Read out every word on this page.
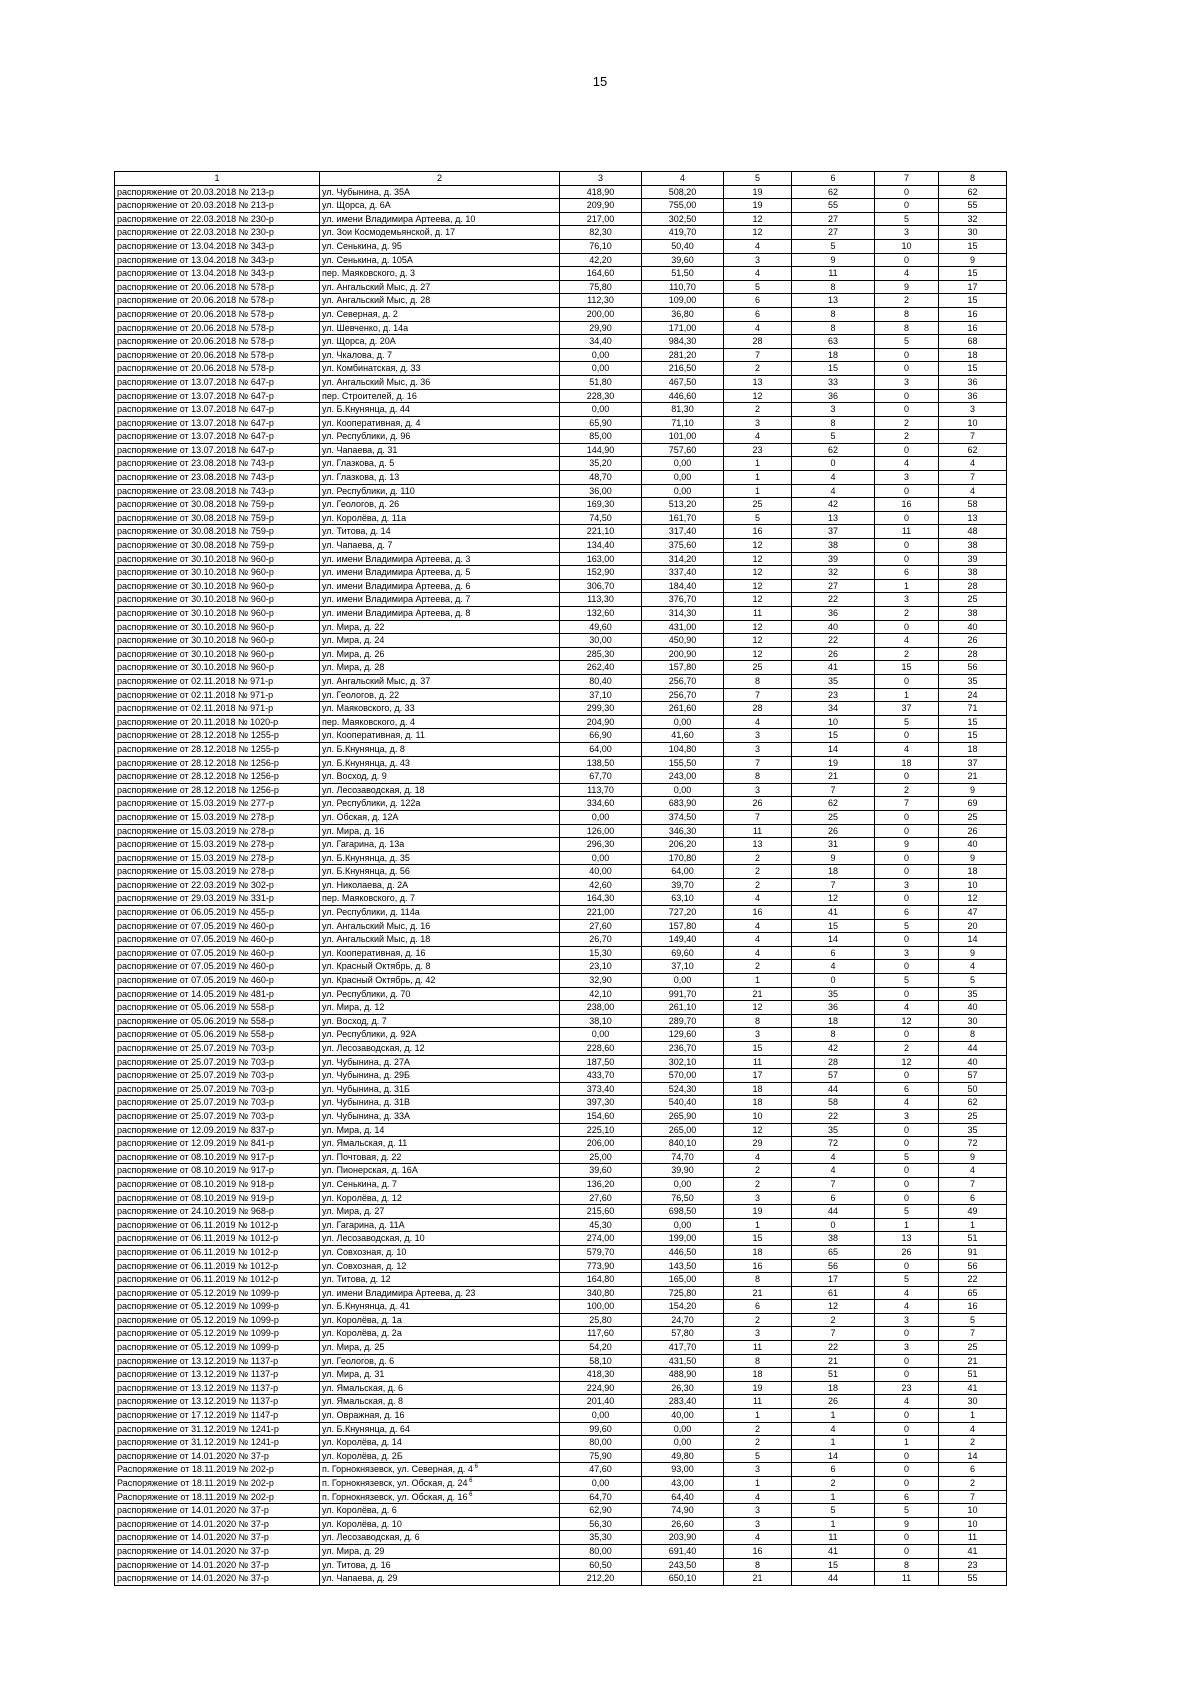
15
1	2	3	4	5	6	7	8
распоряжение от 20.03.2018 № 213-р	ул. Чубынина, д. 35А	418,90	508,20	19	62	0	62
распоряжение от 20.03.2018 № 213-р	ул. Щорса, д. 6А	209,90	755,00	19	55	0	55
распоряжение от 22.03.2018 № 230-р	ул. имени Владимира Артеева, д. 10	217,00	302,50	12	27	5	32
распоряжение от 22.03.2018 № 230-р	ул. Зои Космодемьянской, д. 17	82,30	419,70	12	27	3	30
распоряжение от 13.04.2018 № 343-р	ул. Сенькина, д. 95	76,10	50,40	4	5	10	15
распоряжение от 13.04.2018 № 343-р	ул. Сенькина, д. 105А	42,20	39,60	3	9	0	9
распоряжение от 13.04.2018 № 343-р	пер. Маяковского, д. 3	164,60	51,50	4	11	4	15
распоряжение от 20.06.2018 № 578-р	ул. Ангальский Мыс, д. 27	75,80	110,70	5	8	9	17
распоряжение от 20.06.2018 № 578-р	ул. Ангальский Мыс, д. 28	112,30	109,00	6	13	2	15
распоряжение от 20.06.2018 № 578-р	ул. Северная, д. 2	200,00	36,80	6	8	8	16
распоряжение от 20.06.2018 № 578-р	ул. Шевченко, д. 14а	29,90	171,00	4	8	8	16
распоряжение от 20.06.2018 № 578-р	ул. Щорса, д. 20А	34,40	984,30	28	63	5	68
распоряжение от 20.06.2018 № 578-р	ул. Чкалова, д. 7	0,00	281,20	7	18	0	18
распоряжение от 20.06.2018 № 578-р	ул. Комбинатская, д. 33	0,00	216,50	2	15	0	15
распоряжение от 13.07.2018 № 647-р	ул. Ангальский Мыс, д. 36	51,80	467,50	13	33	3	36
распоряжение от 13.07.2018 № 647-р	пер. Строителей, д. 16	228,30	446,60	12	36	0	36
распоряжение от 13.07.2018 № 647-р	ул. Б.Кнунянца, д. 44	0,00	81,30	2	3	0	3
распоряжение от 13.07.2018 № 647-р	ул. Кооперативная, д. 4	65,90	71,10	3	8	2	10
распоряжение от 13.07.2018 № 647-р	ул. Республики, д. 96	85,00	101,00	4	5	2	7
распоряжение от 13.07.2018 № 647-р	ул. Чапаева, д. 31	144,90	757,60	23	62	0	62
распоряжение от 23.08.2018 № 743-р	ул. Глазкова, д. 5	35,20	0,00	1	0	4	4
распоряжение от 23.08.2018 № 743-р	ул. Глазкова, д. 13	48,70	0,00	1	4	3	7
распоряжение от 23.08.2018 № 743-р	ул. Республики, д. 110	36,00	0,00	1	4	0	4
распоряжение от 30.08.2018 № 759-р	ул. Геологов, д. 26	169,30	513,20	25	42	16	58
распоряжение от 30.08.2018 № 759-р	ул. Королёва, д. 11а	74,50	161,70	5	13	0	13
распоряжение от 30.08.2018 № 759-р	ул. Титова, д. 14	221,10	317,40	16	37	11	48
распоряжение от 30.08.2018 № 759-р	ул. Чапаева, д. 7	134,40	375,60	12	38	0	38
распоряжение от 30.10.2018 № 960-р	ул. имени Владимира Артеева, д. 3	163,00	314,20	12	39	0	39
распоряжение от 30.10.2018 № 960-р	ул. имени Владимира Артеева, д. 5	152,90	337,40	12	32	6	38
распоряжение от 30.10.2018 № 960-р	ул. имени Владимира Артеева, д. 6	306,70	184,40	12	27	1	28
распоряжение от 30.10.2018 № 960-р	ул. имени Владимира Артеева, д. 7	113,30	376,70	12	22	3	25
распоряжение от 30.10.2018 № 960-р	ул. имени Владимира Артеева, д. 8	132,60	314,30	11	36	2	38
распоряжение от 30.10.2018 № 960-р	ул. Мира, д. 22	49,60	431,00	12	40	0	40
распоряжение от 30.10.2018 № 960-р	ул. Мира, д. 24	30,00	450,90	12	22	4	26
распоряжение от 30.10.2018 № 960-р	ул. Мира, д. 26	285,30	200,90	12	26	2	28
распоряжение от 30.10.2018 № 960-р	ул. Мира, д. 28	262,40	157,80	25	41	15	56
распоряжение от 02.11.2018 № 971-р	ул. Ангальский Мыс, д. 37	80,40	256,70	8	35	0	35
распоряжение от 02.11.2018 № 971-р	ул. Геологов, д. 22	37,10	256,70	7	23	1	24
распоряжение от 02.11.2018 № 971-р	ул. Маяковского, д. 33	299,30	261,60	28	34	37	71
распоряжение от 20.11.2018 № 1020-р	пер. Маяковского, д. 4	204,90	0,00	4	10	5	15
распоряжение от 28.12.2018 № 1255-р	ул. Кооперативная, д. 11	66,90	41,60	3	15	0	15
распоряжение от 28.12.2018 № 1255-р	ул. Б.Кнунянца, д. 8	64,00	104,80	3	14	4	18
распоряжение от 28.12.2018 № 1256-р	ул. Б.Кнунянца, д. 43	138,50	155,50	7	19	18	37
распоряжение от 28.12.2018 № 1256-р	ул. Восход, д. 9	67,70	243,00	8	21	0	21
распоряжение от 28.12.2018 № 1256-р	ул. Лесозаводская, д. 18	113,70	0,00	3	7	2	9
распоряжение от 15.03.2019 № 277-р	ул. Республики, д. 122а	334,60	683,90	26	62	7	69
распоряжение от 15.03.2019 № 278-р	ул. Обская, д. 12А	0,00	374,50	7	25	0	25
распоряжение от 15.03.2019 № 278-р	ул. Мира, д. 16	126,00	346,30	11	26	0	26
распоряжение от 15.03.2019 № 278-р	ул. Гагарина, д. 13а	296,30	206,20	13	31	9	40
распоряжение от 15.03.2019 № 278-р	ул. Б.Кнунянца, д. 35	0,00	170,80	2	9	0	9
распоряжение от 15.03.2019 № 278-р	ул. Б.Кнунянца, д. 56	40,00	64,00	2	18	0	18
распоряжение от 22.03.2019 № 302-р	ул. Николаева, д. 2А	42,60	39,70	2	7	3	10
распоряжение от 29.03.2019 № 331-р	пер. Маяковского, д. 7	164,30	63,10	4	12	0	12
распоряжение от 06.05.2019 № 455-р	ул. Республики, д. 114а	221,00	727,20	16	41	6	47
распоряжение от 07.05.2019 № 460-р	ул. Ангальский Мыс, д. 16	27,60	157,80	4	15	5	20
распоряжение от 07.05.2019 № 460-р	ул. Ангальский Мыс, д. 18	26,70	149,40	4	14	0	14
распоряжение от 07.05.2019 № 460-р	ул. Кооперативная, д. 16	15,30	69,60	4	6	3	9
распоряжение от 07.05.2019 № 460-р	ул. Красный Октябрь, д. 8	23,10	37,10	2	4	0	4
распоряжение от 07.05.2019 № 460-р	ул. Красный Октябрь, д. 42	32,90	0,00	1	0	5	5
распоряжение от 14.05.2019 № 481-р	ул. Республики, д. 70	42,10	991,70	21	35	0	35
распоряжение от 05.06.2019 № 558-р	ул. Мира, д. 12	238,00	261,10	12	36	4	40
распоряжение от 05.06.2019 № 558-р	ул. Восход, д. 7	38,10	289,70	8	18	12	30
распоряжение от 05.06.2019 № 558-р	ул. Республики, д. 92А	0,00	129,60	3	8	0	8
распоряжение от 25.07.2019 № 703-р	ул. Лесозаводская, д. 12	228,60	236,70	15	42	2	44
распоряжение от 25.07.2019 № 703-р	ул. Чубынина, д. 27А	187,50	302,10	11	28	12	40
распоряжение от 25.07.2019 № 703-р	ул. Чубынина, д. 29Б	433,70	570,00	17	57	0	57
распоряжение от 25.07.2019 № 703-р	ул. Чубынина, д. 31Б	373,40	524,30	18	44	6	50
распоряжение от 25.07.2019 № 703-р	ул. Чубынина, д. 31В	397,30	540,40	18	58	4	62
распоряжение от 25.07.2019 № 703-р	ул. Чубынина, д. 33А	154,60	265,90	10	22	3	25
распоряжение от 12.09.2019 № 837-р	ул. Мира, д. 14	225,10	265,00	12	35	0	35
распоряжение от 12.09.2019 № 841-р	ул. Ямальская, д. 11	206,00	840,10	29	72	0	72
распоряжение от 08.10.2019 № 917-р	ул. Почтовая, д. 22	25,00	74,70	4	4	5	9
распоряжение от 08.10.2019 № 917-р	ул. Пионерская, д. 16А	39,60	39,90	2	4	0	4
распоряжение от 08.10.2019 № 918-р	ул. Сенькина, д. 7	136,20	0,00	2	7	0	7
распоряжение от 08.10.2019 № 919-р	ул. Королёва, д. 12	27,60	76,50	3	6	0	6
распоряжение от 24.10.2019 № 968-р	ул. Мира, д. 27	215,60	698,50	19	44	5	49
распоряжение от 06.11.2019 № 1012-р	ул. Гагарина, д. 11А	45,30	0,00	1	0	1	1
распоряжение от 06.11.2019 № 1012-р	ул. Лесозаводская, д. 10	274,00	199,00	15	38	13	51
распоряжение от 06.11.2019 № 1012-р	ул. Совхозная, д. 10	579,70	446,50	18	65	26	91
распоряжение от 06.11.2019 № 1012-р	ул. Совхозная, д. 12	773,90	143,50	16	56	0	56
распоряжение от 06.11.2019 № 1012-р	ул. Титова, д. 12	164,80	165,00	8	17	5	22
распоряжение от 05.12.2019 № 1099-р	ул. имени Владимира Артеева, д. 23	340,80	725,80	21	61	4	65
распоряжение от 05.12.2019 № 1099-р	ул. Б.Кнунянца, д. 41	100,00	154,20	6	12	4	16
распоряжение от 05.12.2019 № 1099-р	ул. Королёва, д. 1а	25,80	24,70	2	2	3	5
распоряжение от 05.12.2019 № 1099-р	ул. Королёва, д. 2а	117,60	57,80	3	7	0	7
распоряжение от 05.12.2019 № 1099-р	ул. Мира, д. 25	54,20	417,70	11	22	3	25
распоряжение от 13.12.2019 № 1137-р	ул. Геологов, д. 6	58,10	431,50	8	21	0	21
распоряжение от 13.12.2019 № 1137-р	ул. Мира, д. 31	418,30	488,90	18	51	0	51
распоряжение от 13.12.2019 № 1137-р	ул. Ямальская, д. 6	224,90	26,30	19	18	23	41
распоряжение от 13.12.2019 № 1137-р	ул. Ямальская, д. 8	201,40	283,40	11	26	4	30
распоряжение от 17.12.2019 № 1147-р	ул. Овражная, д. 16	0,00	40,00	1	1	0	1
распоряжение от 31.12.2019 № 1241-р	ул. Б.Кнунянца, д. 64	99,60	0,00	2	4	0	4
распоряжение от 31.12.2019 № 1241-р	ул. Королёва, д. 14	80,00	0,00	2	1	1	2
распоряжение от 14.01.2020 № 37-р	ул. Королёва, д. 2Б	75,90	49,80	5	14	0	14
Распоряжение от 18.11.2019 № 202-р	п. Горнокнязевск, ул. Северная, д. 4 $^6$	47,60	93,00	3	6	0	6
Распоряжение от 18.11.2019 № 202-р	п. Горнокнязевск, ул. Обская, д. 24 $^6$	0,00	43,00	1	2	0	2
Распоряжение от 18.11.2019 № 202-р	п. Горнокнязевск, ул. Обская, д. 16 $^6$	64,70	64,40	4	1	6	7
распоряжение от 14.01.2020 № 37-р	ул. Королёва, д. 6	62,90	74,90	3	5	5	10
распоряжение от 14.01.2020 № 37-р	ул. Королёва, д. 10	56,30	26,60	3	1	9	10
распоряжение от 14.01.2020 № 37-р	ул. Лесозаводская, д. 6	35,30	203,90	4	11	0	11
распоряжение от 14.01.2020 № 37-р	ул. Мира, д. 29	80,00	691,40	16	41	0	41
распоряжение от 14.01.2020 № 37-р	ул. Титова, д. 16	60,50	243,50	8	15	8	23
распоряжение от 14.01.2020 № 37-р	ул. Чапаева, д. 29	212,20	650,10	21	44	11	55
